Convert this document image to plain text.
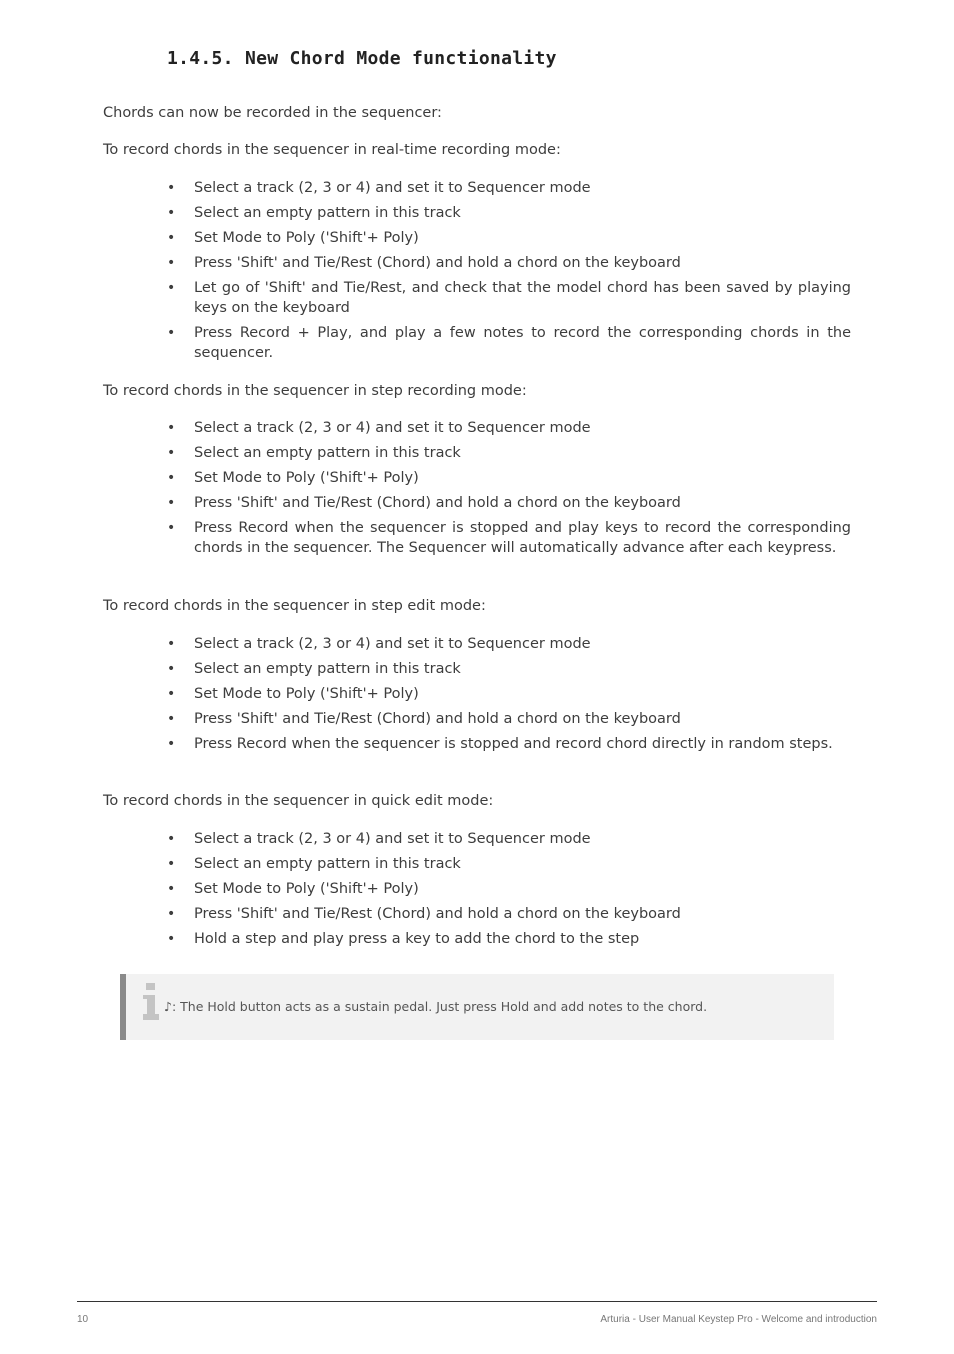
1.4.5. New Chord Mode functionality

Chords can now be recorded in the sequencer:

To record chords in the sequencer in real-time recording mode:

• Select a track (2, 3 or 4) and set it to Sequencer mode
• Select an empty pattern in this track
• Set Mode to Poly ('Shift'+ Poly)
• Press 'Shift' and Tie/Rest (Chord) and hold a chord on the keyboard
• Let go of 'Shift' and Tie/Rest, and check that the model chord has been saved by playing keys on the keyboard
• Press Record + Play, and play a few notes to record the corresponding chords in the sequencer.

To record chords in the sequencer in step recording mode:

• Select a track (2, 3 or 4) and set it to Sequencer mode
• Select an empty pattern in this track
• Set Mode to Poly ('Shift'+ Poly)
• Press 'Shift' and Tie/Rest (Chord) and hold a chord on the keyboard
• Press Record when the sequencer is stopped and play keys to record the corresponding chords in the sequencer. The Sequencer will automatically advance after each keypress.

To record chords in the sequencer in step edit mode:

• Select a track (2, 3 or 4) and set it to Sequencer mode
• Select an empty pattern in this track
• Set Mode to Poly ('Shift'+ Poly)
• Press 'Shift' and Tie/Rest (Chord) and hold a chord on the keyboard
• Press Record when the sequencer is stopped and record chord directly in random steps.

To record chords in the sequencer in quick edit mode:

• Select a track (2, 3 or 4) and set it to Sequencer mode
• Select an empty pattern in this track
• Set Mode to Poly ('Shift'+ Poly)
• Press 'Shift' and Tie/Rest (Chord) and hold a chord on the keyboard
• Hold a step and play press a key to add the chord to the step
♪: The Hold button acts as a sustain pedal. Just press Hold and add notes to the chord.
10	Arturia - User Manual Keystep Pro - Welcome and introduction
